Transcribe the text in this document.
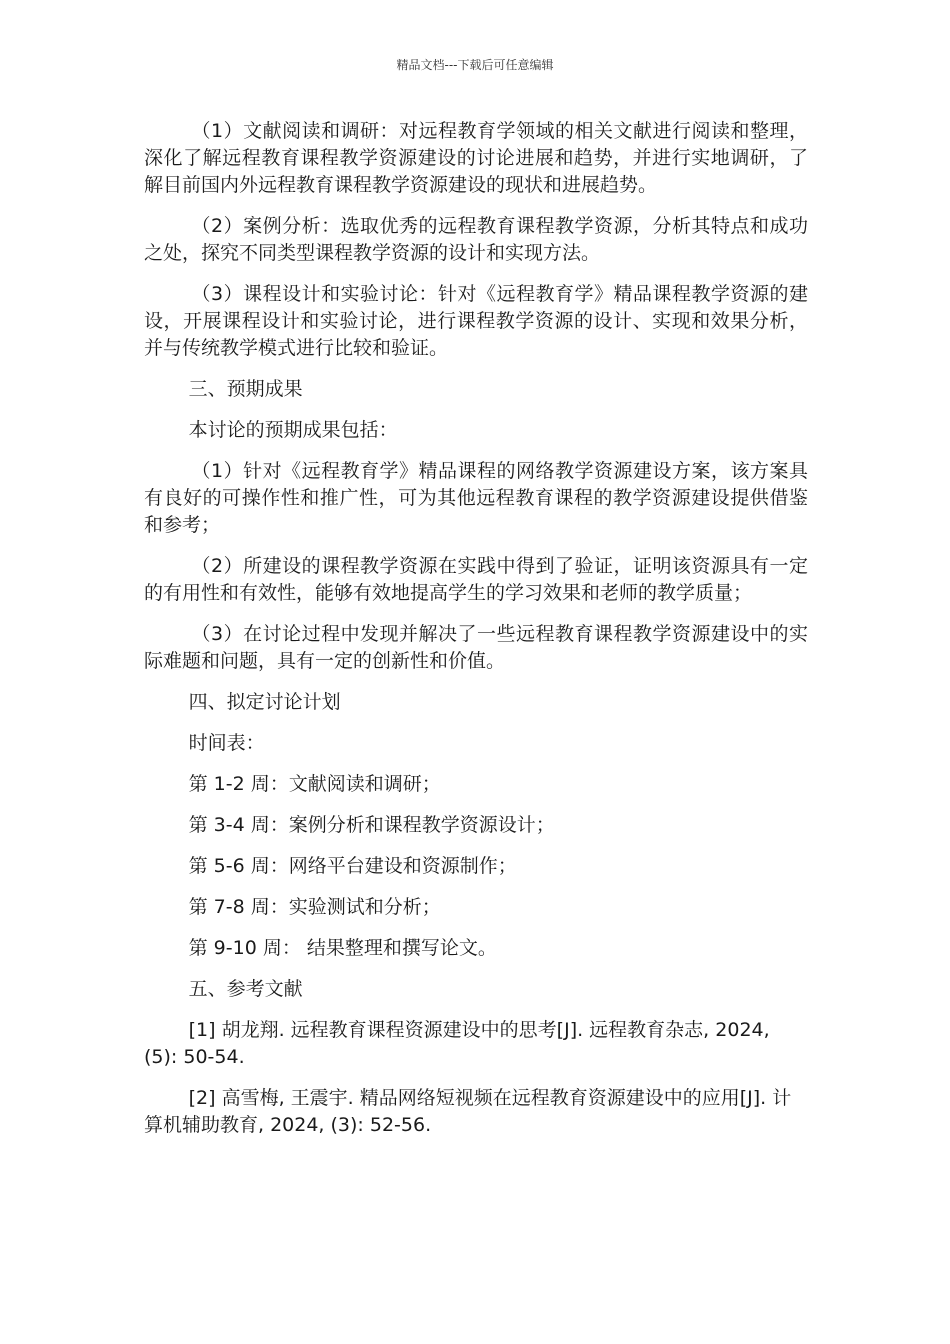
精品文档---下载后可任意编辑

（1）文献阅读和调研：对远程教育学领域的相关文献进行阅读和整理，深化了解远程教育课程教学资源建设的讨论进展和趋势，并进行实地调研，了解目前国内外远程教育课程教学资源建设的现状和进展趋势。

（2）案例分析：选取优秀的远程教育课程教学资源，分析其特点和成功之处，探究不同类型课程教学资源的设计和实现方法。

（3）课程设计和实验讨论：针对《远程教育学》精品课程教学资源的建设，开展课程设计和实验讨论，进行课程教学资源的设计、实现和效果分析，并与传统教学模式进行比较和验证。

三、预期成果

本讨论的预期成果包括：

（1）针对《远程教育学》精品课程的网络教学资源建设方案，该方案具有良好的可操作性和推广性，可为其他远程教育课程的教学资源建设提供借鉴和参考；

（2）所建设的课程教学资源在实践中得到了验证，证明该资源具有一定的有用性和有效性，能够有效地提高学生的学习效果和老师的教学质量；

（3）在讨论过程中发现并解决了一些远程教育课程教学资源建设中的实际难题和问题，具有一定的创新性和价值。

四、拟定讨论计划

时间表：

第 1-2 周：文献阅读和调研；

第 3-4 周：案例分析和课程教学资源设计；

第 5-6 周：网络平台建设和资源制作；

第 7-8 周：实验测试和分析；

第 9-10 周： 结果整理和撰写论文。

五、参考文献

[1] 胡龙翔. 远程教育课程资源建设中的思考[J]. 远程教育杂志, 2024, (5): 50-54.

[2] 高雪梅, 王震宇. 精品网络短视频在远程教育资源建设中的应用[J]. 计算机辅助教育, 2024, (3): 52-56.
